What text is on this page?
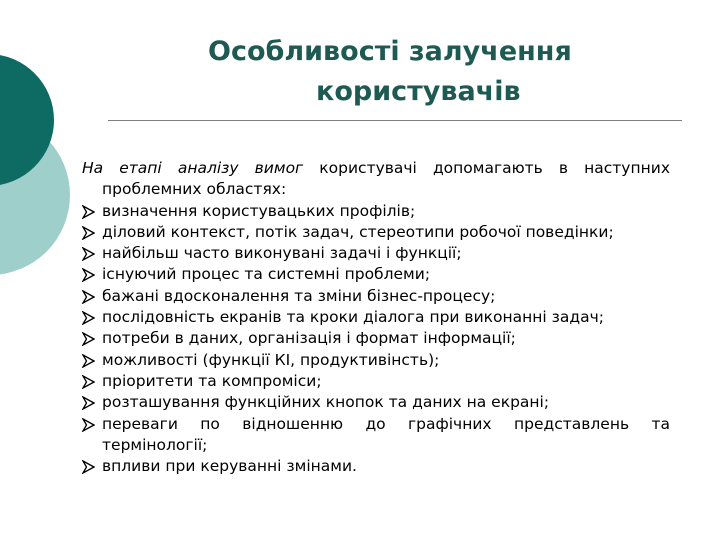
Особливості залучення
користувачів
На етапі аналізу вимог користувачі допомагають в наступних проблемних областях:
визначення користувацьких профілів;
діловий контекст, потік задач, стереотипи робочої поведінки;
найбільш часто виконувані задачі і функції;
існуючий процес та системні проблеми;
бажані вдосконалення та зміни бізнес-процесу;
послідовність екранів та кроки діалога при виконанні задач;
потреби в даних, організація і формат інформації;
можливості (функції КІ, продуктивінсть);
пріоритети та компроміси;
розташування функційних кнопок та даних на екрані;
переваги по відношенню до графічних представлень та термінології;
впливи при керуванні змінами.
